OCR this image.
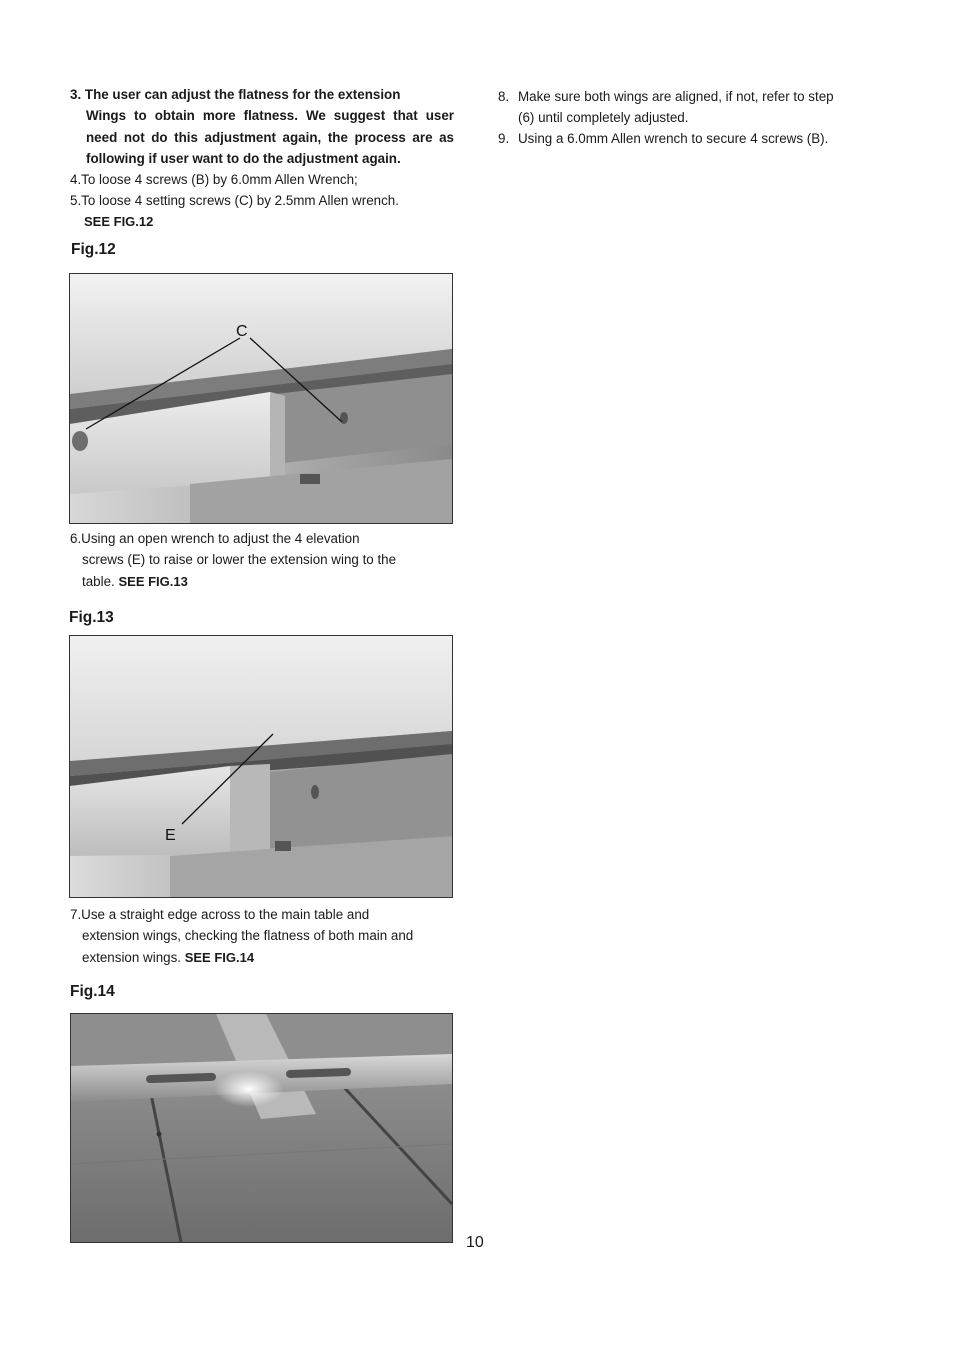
3. The user can adjust the flatness for the extension
Wings to obtain more flatness. We suggest that user
need not do this adjustment again, the process are as
following if user want to do the adjustment again.

4.To loose 4 screws (B) by 6.0mm Allen Wrench;

5.To loose 4 setting screws (C) by 2.5mm Allen wrench.

SEE FIG.12

Fig.12
C
6.Using an open wrench to adjust the 4 elevation
screws (E) to raise or lower the extension wing to the
table. SEE FIG.13
Fig.13
E
7.Use a straight edge across to the main table and
extension wings, checking the flatness of both main and
extension wings. SEE FIG.14
Fig.14
8. Make sure both wings are aligned, if not, refer to step
(6) until completely adjusted.
9. Using a 6.0mm Allen wrench to secure 4 screws (B).
10
